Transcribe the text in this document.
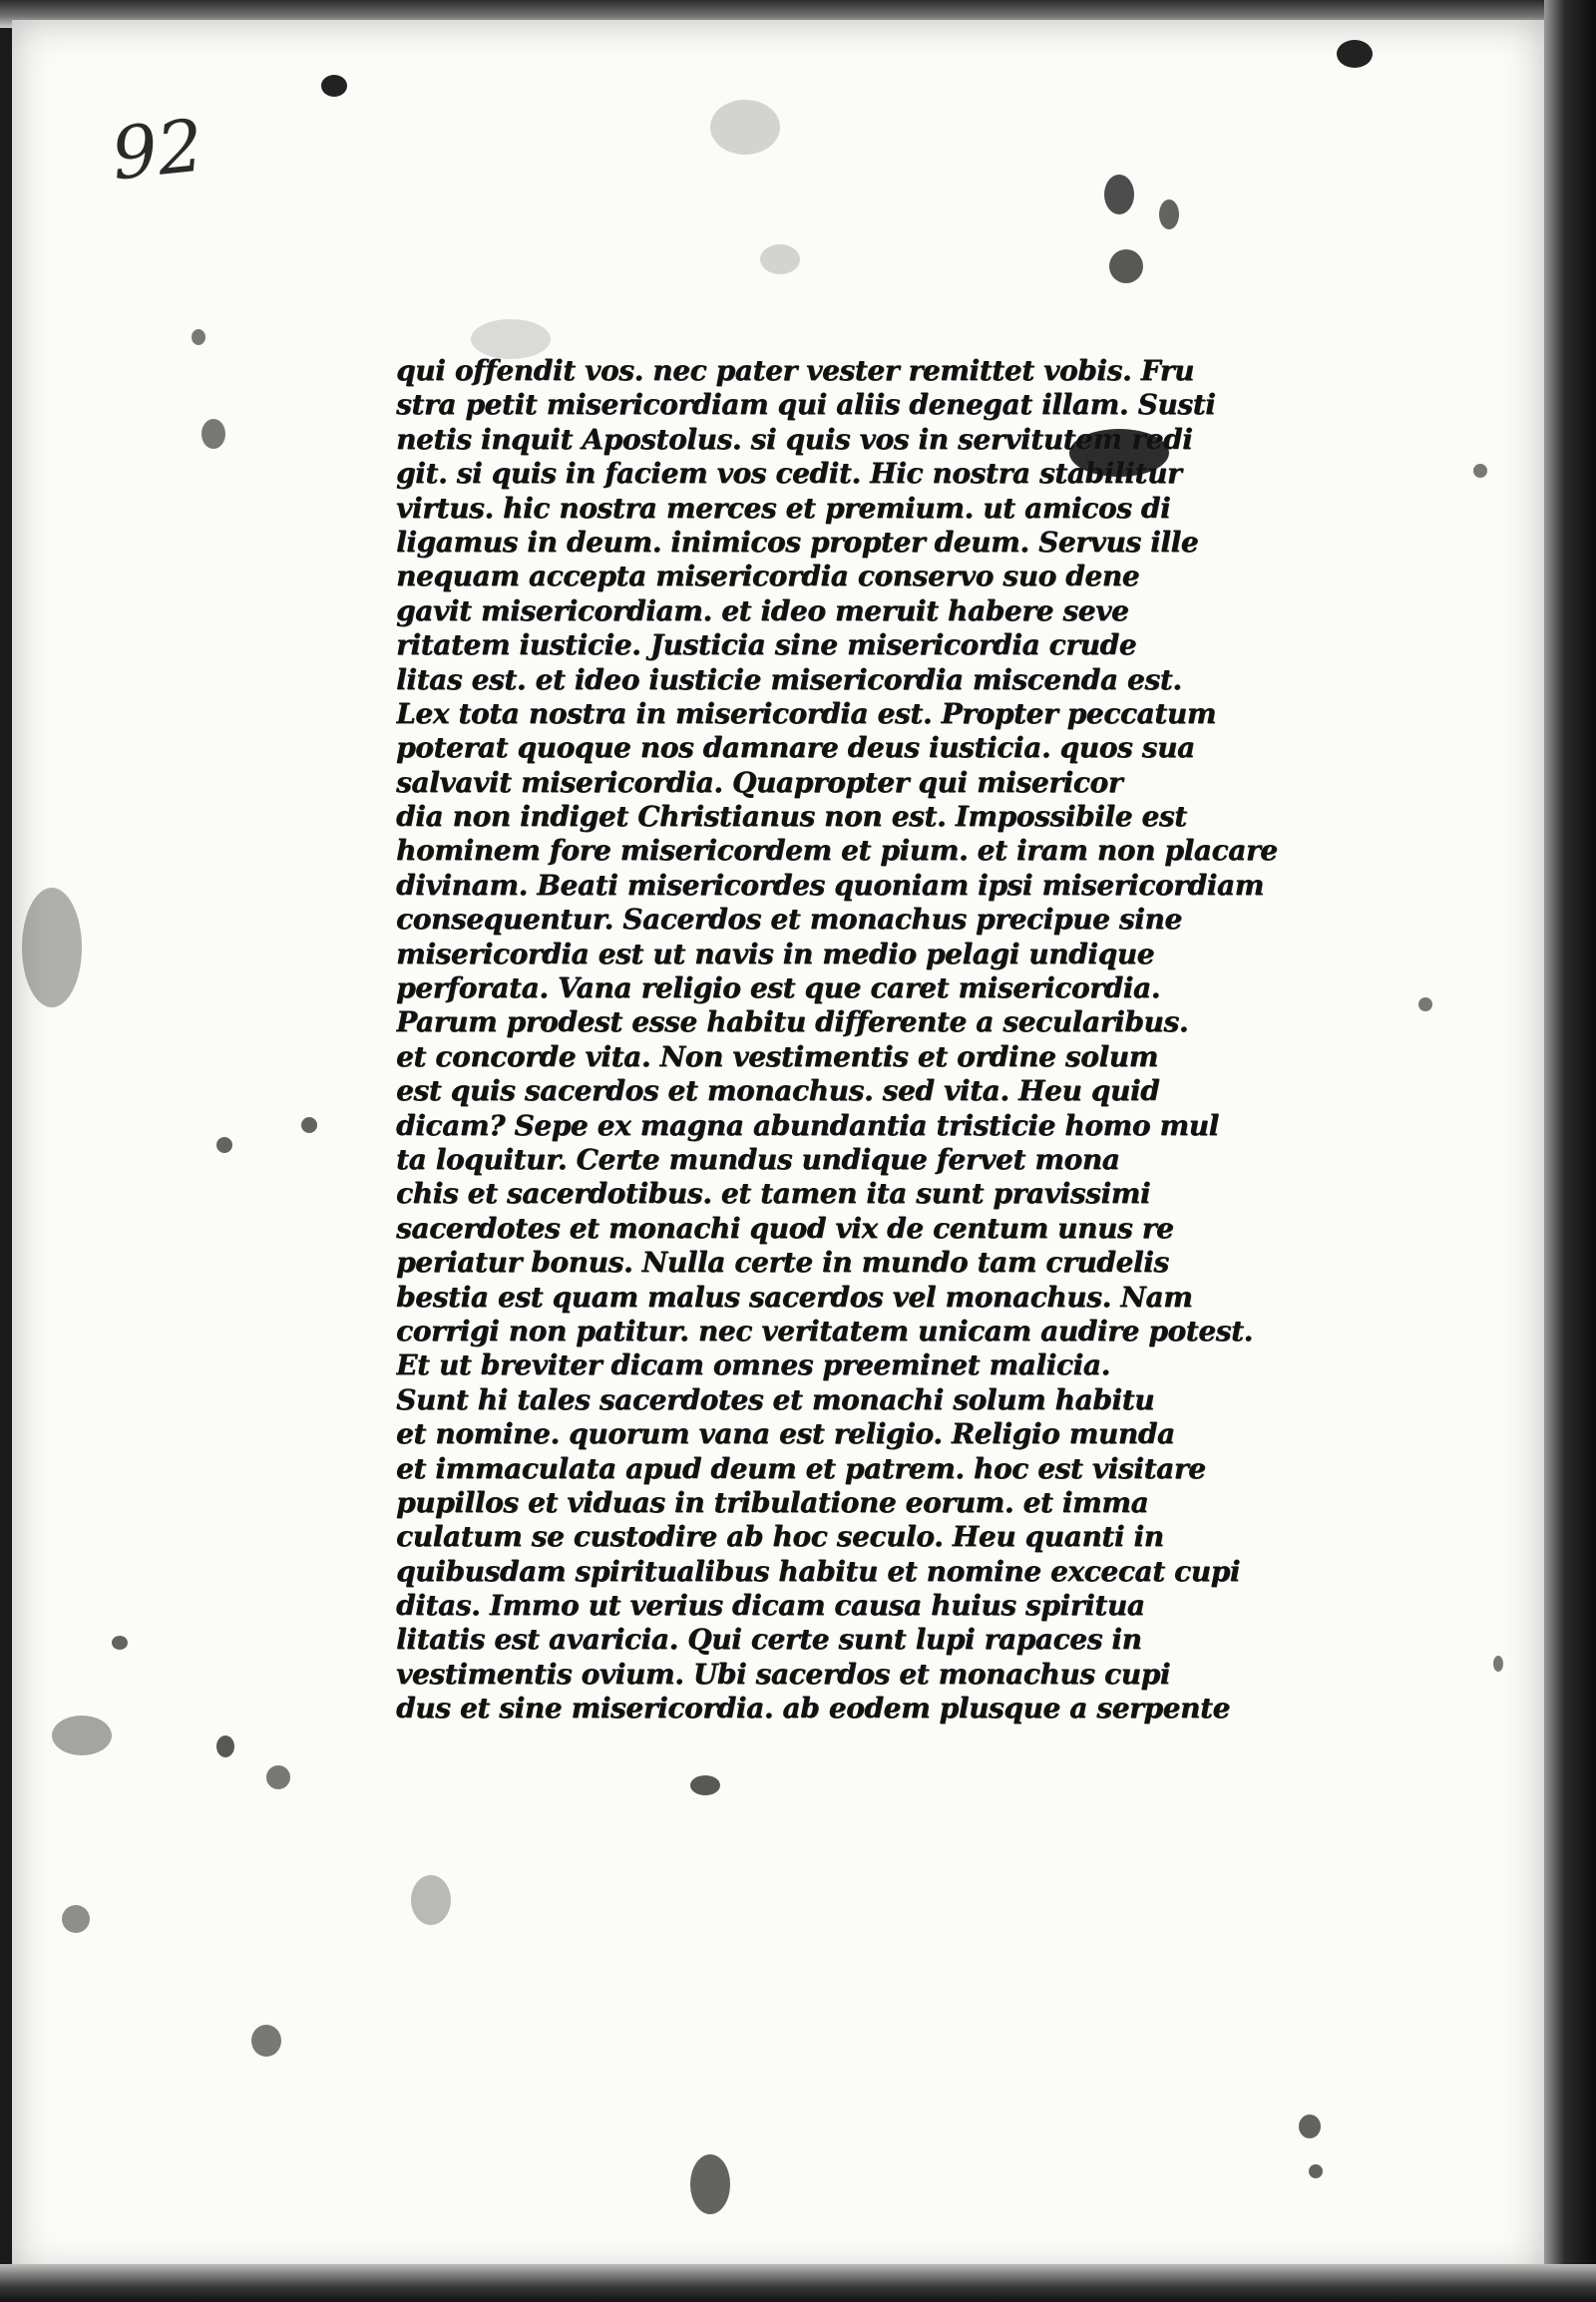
92
qui offendit vos. nec pater vester remittet vobis. Fru
stra petit misericordiam qui aliis denegat illam. Susti
netis inquit Apostolus. si quis vos in servitutem redi
git. si quis in faciem vos cedit. Hic nostra stabilitur
virtus. hic nostra merces et premium. ut amicos di
ligamus in deum. inimicos propter deum. Servus ille
nequam accepta misericordia conservo suo dene
gavit misericordiam. et ideo meruit habere seve
ritatem iusticie. Justicia sine misericordia crude
litas est. et ideo iusticie misericordia miscenda est.
Lex tota nostra in misericordia est. Propter peccatum
poterat quoque nos damnare deus iusticia. quos sua
salvavit misericordia. Quapropter qui misericor
dia non indiget Christianus non est. Impossibile est
hominem fore misericordem et pium. et iram non placare
divinam. Beati misericordes quoniam ipsi misericordiam
consequentur. Sacerdos et monachus precipue sine
misericordia est ut navis in medio pelagi undique
perforata. Vana religio est que caret misericordia.
Parum prodest esse habitu differente a secularibus.
et concorde vita. Non vestimentis et ordine solum
est quis sacerdos et monachus. sed vita. Heu quid
dicam? Sepe ex magna abundantia tristicie homo mul
ta loquitur. Certe mundus undique fervet mona
chis et sacerdotibus. et tamen ita sunt pravissimi
sacerdotes et monachi quod vix de centum unus re
periatur bonus. Nulla certe in mundo tam crudelis
bestia est quam malus sacerdos vel monachus. Nam
corrigi non patitur. nec veritatem unicam audire potest.
Et ut breviter dicam omnes preeminet malicia.
Sunt hi tales sacerdotes et monachi solum habitu
et nomine. quorum vana est religio. Religio munda
et immaculata apud deum et patrem. hoc est visitare
pupillos et viduas in tribulatione eorum. et imma
culatum se custodire ab hoc seculo. Heu quanti in
quibusdam spiritualibus habitu et nomine excecat cupi
ditas. Immo ut verius dicam causa huius spiritua
litatis est avaricia. Qui certe sunt lupi rapaces in
vestimentis ovium. Ubi sacerdos et monachus cupi
dus et sine misericordia. ab eodem plusque a serpente
